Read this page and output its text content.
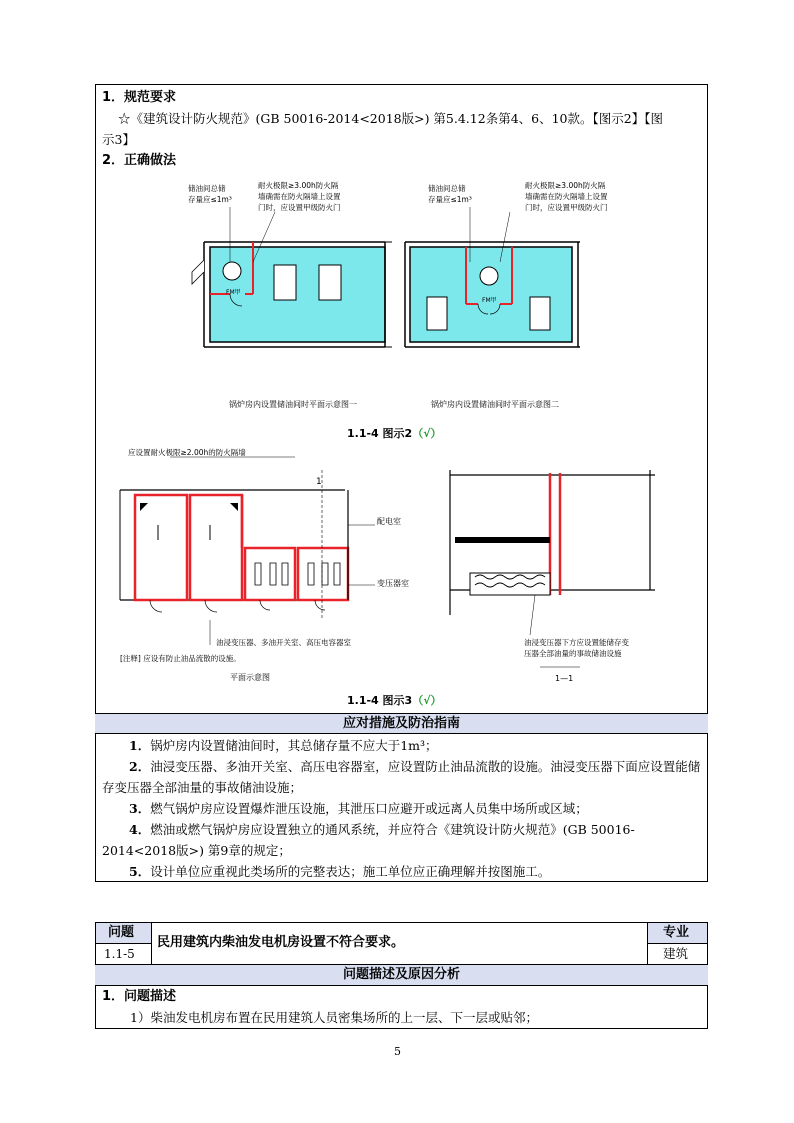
1．规范要求
☆《建筑设计防火规范》(GB 50016-2014<2018版>) 第5.4.12条第4、6、10款。【图示2】【图
示3】
2．正确做法
FM甲
FM甲
储油间总储
存量应≤1m³
耐火极限≥3.00h防火隔
墙确需在防火隔墙上设置
门时，应设置甲级防火门
储油间总储
存量应≤1m³
耐火极限≥3.00h防火隔
墙确需在防火隔墙上设置
门时，应设置甲级防火门
锅炉房内设置储油间时平面示意图一	锅炉房内设置储油间时平面示意图二
1.1-4 图示2（√）
应设置耐火极限≥2.00h的防火隔墙
1
配电室
变压器室
油浸变压器、多油开关室、高压电容器室
[注释] 应设有防止油品流散的设施。
平面示意图
油浸变压器下方应设置能储存变
压器全部油量的事故储油设施
1—1
1.1-4 图示3（√）
应对措施及防治指南
1．锅炉房内设置储油间时，其总储存量不应大于1m³；
2．油浸变压器、多油开关室、高压电容器室，应设置防止油品流散的设施。油浸变压器下面应设置能储存变压器全部油量的事故储油设施；
3．燃气锅炉房应设置爆炸泄压设施，其泄压口应避开或远离人员集中场所或区域；
4．燃油或燃气锅炉房应设置独立的通风系统，并应符合《建筑设计防火规范》(GB 50016-2014<2018版>) 第9章的规定；
5．设计单位应重视此类场所的完整表达；施工单位应正确理解并按图施工。
问题
1.1-5
民用建筑内柴油发电机房设置不符合要求。
专业
建筑
问题描述及原因分析
1．问题描述
1）柴油发电机房布置在民用建筑人员密集场所的上一层、下一层或贴邻；
5
